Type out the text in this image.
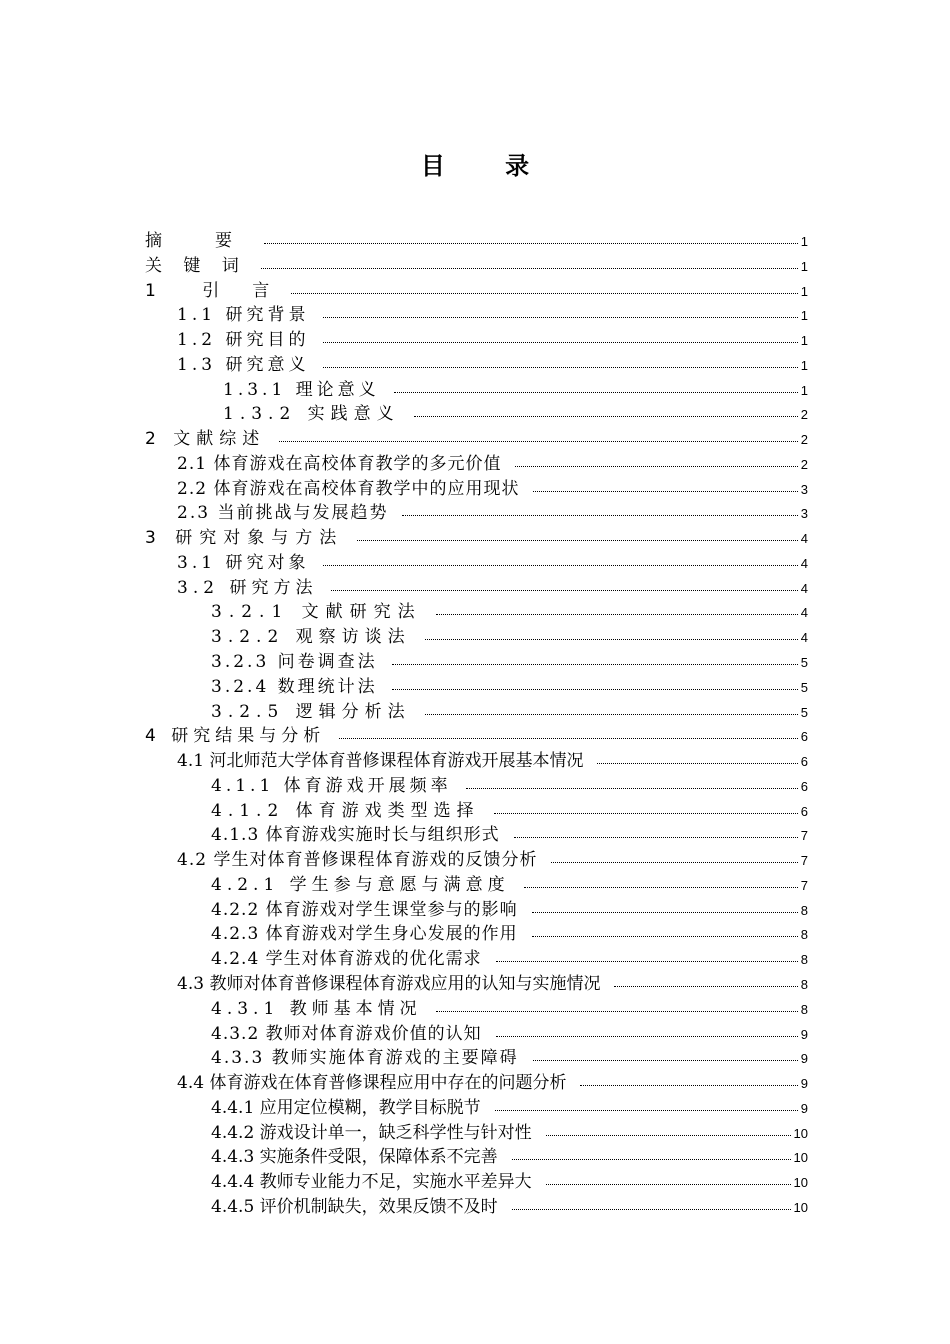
目 录
摘　要	1
关 键 词	1
1　 引　言	1
1.1 研究背景	1
1.2 研究目的	1
1.3 研究意义	1
1.3.1 理论意义	1
1.3.2 实践意义	2
2 文献综述	2
2.1 体育游戏在高校体育教学的多元价值	2
2.2 体育游戏在高校体育教学中的应用现状	3
2.3 当前挑战与发展趋势	3
3 研究对象与方法	4
3.1 研究对象	4
3.2 研究方法	4
3.2.1 文献研究法	4
3.2.2 观察访谈法	4
3.2.3 问卷调查法	5
3.2.4 数理统计法	5
3.2.5 逻辑分析法	5
4 研究结果与分析	6
4.1 河北师范大学体育普修课程体育游戏开展基本情况	6
4.1.1 体育游戏开展频率	6
4.1.2 体育游戏类型选择	6
4.1.3 体育游戏实施时长与组织形式	7
4.2 学生对体育普修课程体育游戏的反馈分析	7
4.2.1 学生参与意愿与满意度	7
4.2.2 体育游戏对学生课堂参与的影响	8
4.2.3 体育游戏对学生身心发展的作用	8
4.2.4 学生对体育游戏的优化需求	8
4.3 教师对体育普修课程体育游戏应用的认知与实施情况	8
4.3.1 教师基本情况	8
4.3.2 教师对体育游戏价值的认知	9
4.3.3 教师实施体育游戏的主要障碍	9
4.4 体育游戏在体育普修课程应用中存在的问题分析	9
4.4.1 应用定位模糊，教学目标脱节	9
4.4.2 游戏设计单一，缺乏科学性与针对性	10
4.4.3 实施条件受限，保障体系不完善	10
4.4.4 教师专业能力不足，实施水平差异大	10
4.4.5 评价机制缺失，效果反馈不及时	10
